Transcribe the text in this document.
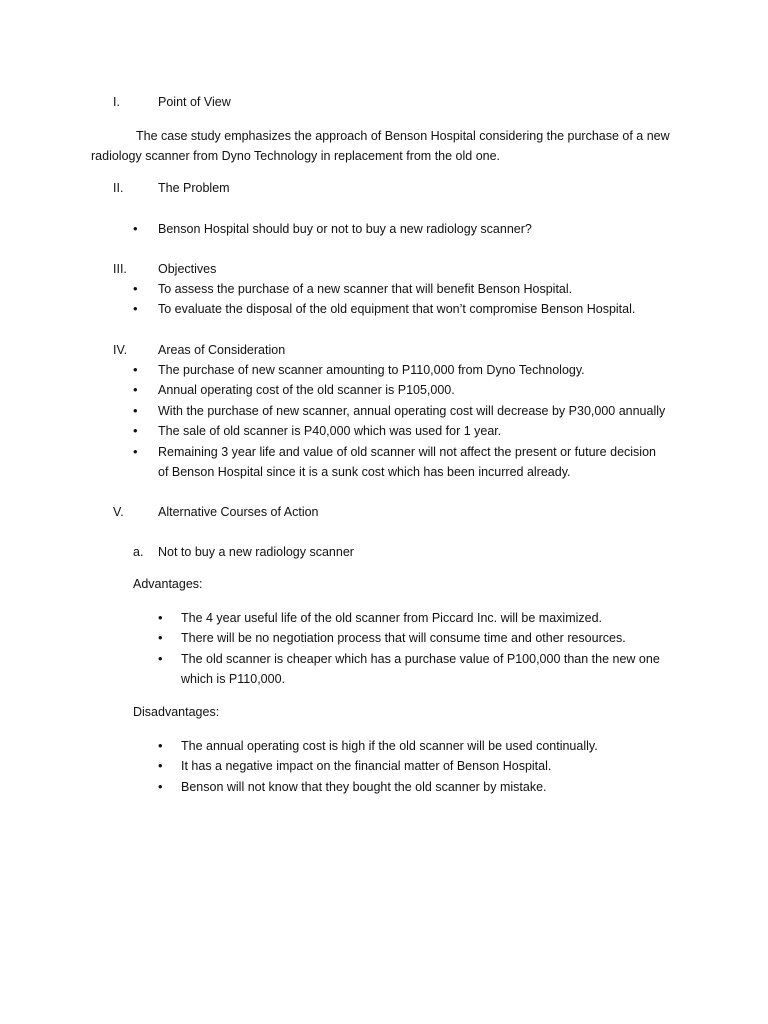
I.	Point of View
The case study emphasizes the approach of Benson Hospital considering the purchase of a new
radiology scanner from Dyno Technology in replacement from the old one.
II.	The Problem
• Benson Hospital should buy or not to buy a new radiology scanner?
III. Objectives
• To assess the purchase of a new scanner that will benefit Benson Hospital.
• To evaluate the disposal of the old equipment that won’t compromise Benson Hospital.
IV. Areas of Consideration
• The purchase of new scanner amounting to P110,000 from Dyno Technology.
• Annual operating cost of the old scanner is P105,000.
• With the purchase of new scanner, annual operating cost will decrease by P30,000 annually
• The sale of old scanner is P40,000 which was used for 1 year.
• Remaining 3 year life and value of old scanner will not affect the present or future decision
of Benson Hospital since it is a sunk cost which has been incurred already.
V.	Alternative Courses of Action
a. Not to buy a new radiology scanner
Advantages:
• The 4 year useful life of the old scanner from Piccard Inc. will be maximized.
• There will be no negotiation process that will consume time and other resources.
• The old scanner is cheaper which has a purchase value of P100,000 than the new one
which is P110,000.
Disadvantages:
• The annual operating cost is high if the old scanner will be used continually.
• It has a negative impact on the financial matter of Benson Hospital.
• Benson will not know that they bought the old scanner by mistake.
